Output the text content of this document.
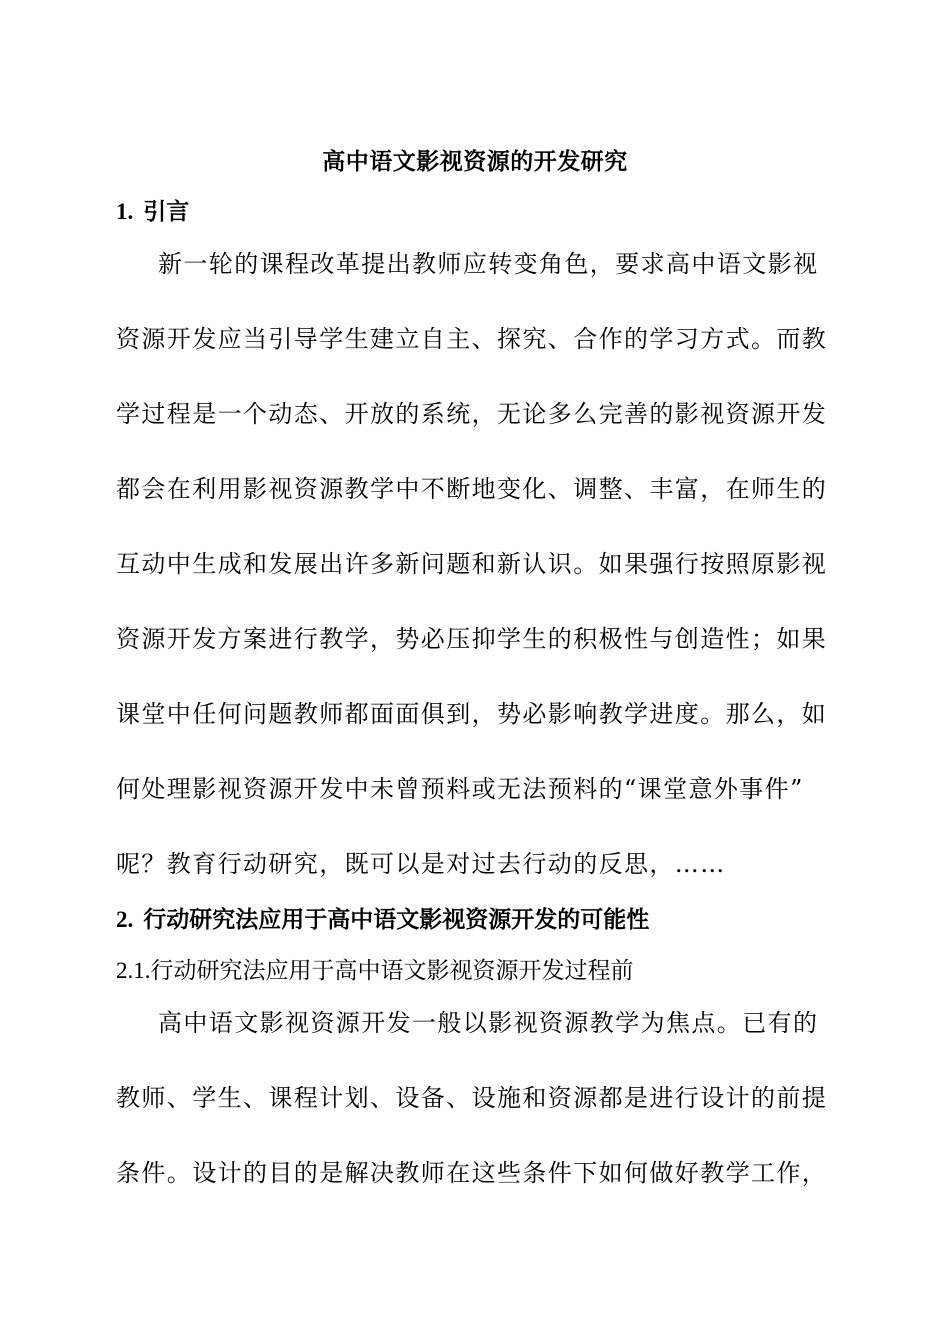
高中语文影视资源的开发研究
1. 引言
新一轮的课程改革提出教师应转变角色，要求高中语文影视
资源开发应当引导学生建立自主、探究、合作的学习方式。而教
学过程是一个动态、开放的系统，无论多么完善的影视资源开发
都会在利用影视资源教学中不断地变化、调整、丰富，在师生的
互动中生成和发展出许多新问题和新认识。如果强行按照原影视
资源开发方案进行教学，势必压抑学生的积极性与创造性；如果
课堂中任何问题教师都面面俱到，势必影响教学进度。那么，如
何处理影视资源开发中未曾预料或无法预料的“课堂意外事件”
呢？教育行动研究，既可以是对过去行动的反思，……
2. 行动研究法应用于高中语文影视资源开发的可能性
2.1.行动研究法应用于高中语文影视资源开发过程前
高中语文影视资源开发一般以影视资源教学为焦点。已有的
教师、学生、课程计划、设备、设施和资源都是进行设计的前提
条件。设计的目的是解决教师在这些条件下如何做好教学工作，
